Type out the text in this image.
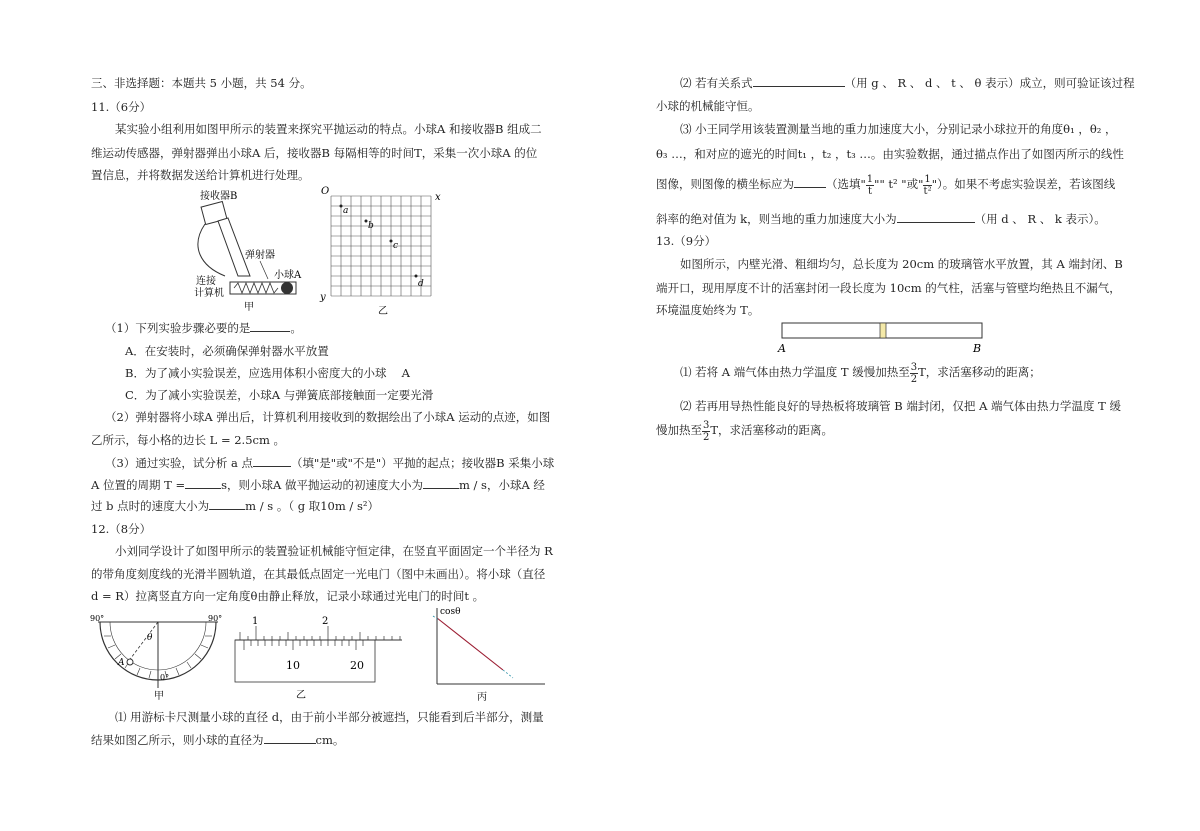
三、非选择题：本题共 5 小题，共 54 分。
11.（6分）
某实验小组利用如图甲所示的装置来探究平抛运动的特点。小球A 和接收器B 组成二
维运动传感器，弹射器弹出小球A 后，接收器B 每隔相等的时间T，采集一次小球A 的位
置信息，并将数据发送给计算机进行处理。
接收器B
弹射器
小球A
连接
计算机
甲
O
x
y
a
b
c
d
乙
（1）下列实验步骤必要的是	。
A．在安装时，必须确保弹射器水平放置
B．为了减小实验误差，应选用体积小密度大的小球　 A
C．为了减小实验误差，小球A 与弹簧底部接触面一定要光滑
（2）弹射器将小球A 弹出后，计算机利用接收到的数据绘出了小球A 运动的点迹，如图
乙所示，每小格的边长 L = 2.5cm 。
（3）通过实验，试分析 a 点	（填"是"或"不是"）平抛的起点；接收器B 采集小球
A 位置的周期 T =	s，则小球A 做平抛运动的初速度大小为	m / s，小球A 经
过 b 点时的速度大小为	m / s 。（ g 取10m / s²）
12.（8分）
小刘同学设计了如图甲所示的装置验证机械能守恒定律，在竖直平面固定一个半径为 R
的带角度刻度线的光滑半圆轨道，在其最低点固定一光电门（图中未画出）。将小球（直径
d = R）拉离竖直方向一定角度θ由静止释放，记录小球通过光电门的时间t 。
90°	90°
θ
A
0°
甲
1	2
10	20
乙
cosθ
丙
⑴ 用游标卡尺测量小球的直径 d，由于前小半部分被遮挡，只能看到后半部分，测量
结果如图乙所示，则小球的直径为	cm。
⑵ 若有关系式	（用 g 、 R 、 d 、 t 、 θ 表示）成立，则可验证该过程
小球的机械能守恒。
⑶ 小王同学用该装置测量当地的重力加速度大小，分别记录小球拉开的角度θ₁ ，θ₂ ，
θ₃ …，和对应的遮光的时间t₁ ，t₂ ，t₃ …。由实验数据，通过描点作出了如图丙所示的线性
图像，则图像的横坐标应为	（选填" $\frac{1}{t}$ "" t² "或" $\frac{1}{\text{t²}}$ "）。如果不考虑实验误差，若该图线
斜率的绝对值为 k，则当地的重力加速度大小为	（用 d 、 R 、 k 表示）。
13.（9分）
如图所示，内壁光滑、粗细均匀，总长度为 20cm 的玻璃管水平放置，其 A 端封闭、B
端开口，现用厚度不计的活塞封闭一段长度为 10cm 的气柱，活塞与管壁均绝热且不漏气，
环境温度始终为 T。
A	B
⑴ 若将 A 端气体由热力学温度 T 缓慢加热至 $\frac{3}{2}$ T，求活塞移动的距离；
⑵ 若再用导热性能良好的导热板将玻璃管 B 端封闭，仅把 A 端气体由热力学温度 T 缓
慢加热至 $\frac{3}{2}$ T，求活塞移动的距离。
